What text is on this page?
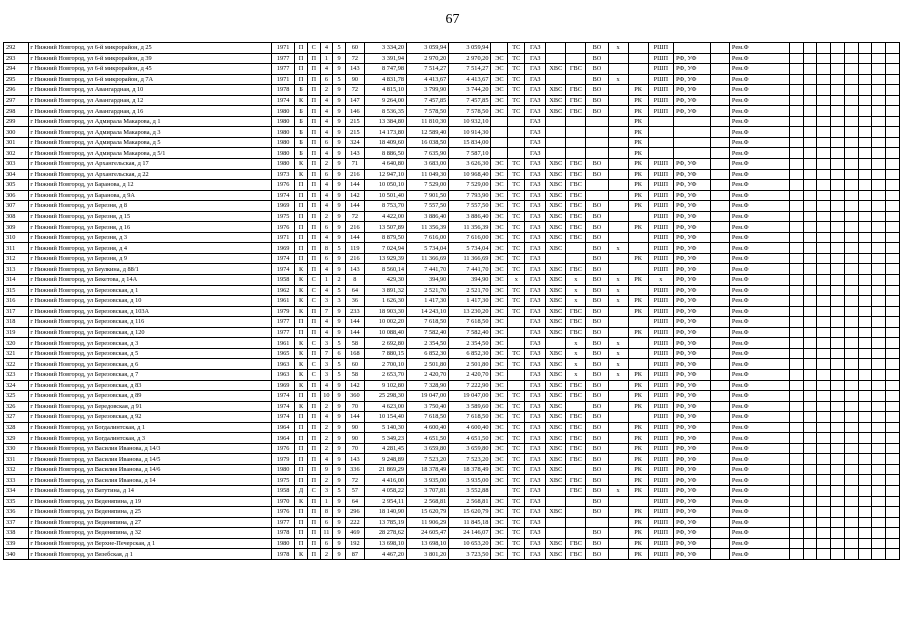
67
292	г Нижний Новгород, ул 6-й микрорайон, д 25	1971	П	С	4	5	60	3 334,20	3 059,94	3 059,94		ТС	ГАЗ			ВО	х		РШП			Рем.Ф								
293	г Нижний Новгород, ул 6-й микрорайон, д 39	1977	П	П	1	9	72	3 391,94	2 970,20	2 970,20	ЭС	ТС	ГАЗ			ВО			РШП	РФ, УФ		Рем.Ф								
294	г Нижний Новгород, ул 6-й микрорайон, д 45	1977	П	П	4	9	143	8 747,98	7 514,27	7 514,27	ЭС	ТС	ГАЗ	ХВС	ГВС	ВО			РШП	РФ, УФ		Рем.Ф								
295	г Нижний Новгород, ул 6-й микрорайон, д 7А	1971	П	П	6	5	90	4 831,78	4 413,67	4 413,67	ЭС	ТС	ГАЗ			ВО	х		РШП	РФ, УФ		Рем.Ф								
296	г Нижний Новгород, ул Авангардная, д 10	1978	Б	П	2	9	72	4 815,10	3 799,90	3 744,20	ЭС	ТС	ГАЗ	ХВС	ГВС	ВО		РК	РШП	РФ, УФ		Рем.Ф								
297	г Нижний Новгород, ул Авангардная, д 12	1974	К	П	4	9	147	9 264,00	7 457,85	7 457,85	ЭС	ТС	ГАЗ	ХВС	ГВС	ВО		РК	РШП	РФ, УФ		Рем.Ф								
298	г Нижний Новгород, ул Авангардная, д 16	1980	Б	П	4	9	146	8 536,35	7 578,50	7 578,50	ЭС	ТС	ГАЗ	ХВС	ГВС	ВО		РК	РШП	РФ, УФ		Рем.Ф								
299	г Нижний Новгород, ул Адмирала Макарова, д 1	1980	Б	П	4	9	215	13 384,80	11 810,30	10 932,10			ГАЗ					РК				Рем.Ф								
300	г Нижний Новгород, ул Адмирала Макарова, д 3	1980	Б	П	4	9	215	14 173,80	12 589,40	10 914,30			ГАЗ					РК				Рем.Ф								
301	г Нижний Новгород, ул Адмирала Макарова, д 5	1980	Б	П	6	9	324	18 409,60	16 038,50	15 834,00			ГАЗ					РК				Рем.Ф								
302	г Нижний Новгород, ул Адмирала Макарова, д 5/1	1980	Б	П	4	9	143	8 886,50	7 635,90	7 587,10			ГАЗ					РК				Рем.Ф								
303	г Нижний Новгород, ул Архангельская, д 17	1980	К	П	2	9	71	4 640,80	3 683,00	3 626,30	ЭС	ТС	ГАЗ	ХВС	ГВС	ВО		РК	РШП	РФ, УФ		Рем.Ф								
304	г Нижний Новгород, ул Архангельская, д 22	1973	К	П	6	9	216	12 947,10	11 049,30	10 968,40	ЭС	ТС	ГАЗ	ХВС	ГВС	ВО		РК	РШП	РФ, УФ		Рем.Ф								
305	г Нижний Новгород, ул Баранова, д 12	1976	П	П	4	9	144	10 050,10	7 529,00	7 529,00	ЭС	ТС	ГАЗ	ХВС	ГВС			РК	РШП	РФ, УФ		Рем.Ф								
306	г Нижний Новгород, ул Баранова, д 9А	1974	П	П	4	9	142	10 501,40	7 901,50	7 793,90	ЭС	ТС	ГАЗ	ХВС	ГВС			РК	РШП	РФ, УФ		Рем.Ф								
307	г Нижний Новгород, ул Березня, д 8	1969	П	П	4	9	144	8 753,70	7 557,50	7 557,50	ЭС	ТС	ГАЗ	ХВС	ГВС	ВО		РК	РШП	РФ, УФ		Рем.Ф								
308	г Нижний Новгород, ул Березня, д 15	1975	П	П	2	9	72	4 422,00	3 886,40	3 886,40	ЭС	ТС	ГАЗ	ХВС	ГВС	ВО			РШП	РФ, УФ		Рем.Ф								
309	г Нижний Новгород, ул Березня, д 16	1976	П	П	6	9	216	13 507,89	11 356,39	11 356,39	ЭС	ТС	ГАЗ	ХВС	ГВС	ВО		РК	РШП	РФ, УФ		Рем.Ф								
310	г Нижний Новгород, ул Березня, д 3	1971	П	П	4	9	144	8 879,50	7 616,00	7 616,00	ЭС	ТС	ГАЗ	ХВС	ГВС	ВО			РШП	РФ, УФ		Рем.Ф								
311	г Нижний Новгород, ул Березня, д 4	1969	П	П	8	5	119	7 024,94	5 734,04	5 734,04	ЭС	ТС	ГАЗ	ХВС		ВО	х		РШП	РФ, УФ		Рем.Ф								
312	г Нижний Новгород, ул Березня, д 9	1974	П	П	6	9	216	13 929,39	11 366,69	11 366,69	ЭС	ТС	ГАЗ			ВО		РК	РШП	РФ, УФ		Рем.Ф								
313	г Нижний Новгород, ул Беулкина, д 88/1	1974	К	П	4	9	143	8 560,14	7 441,70	7 441,70	ЭС	ТС	ГАЗ	ХВС	ГВС	ВО			РШП	РФ, УФ		Рем.Ф								
314	г Нижний Новгород, ул Бекетова, д 14А	1958	К	С	1	2	8	429,30	394,90	394,90	ЭС	х	ГАЗ	ХВС	х	ВО	х	РК	х	РФ, УФ		Рем.Ф								
315	г Нижний Новгород, ул Березовская, д 1	1962	К	С	4	5	64	3 891,32	2 521,70	2 521,70	ЭС	ТС	ГАЗ	ХВС	х	ВО	х		РШП	РФ, УФ		Рем.Ф								
316	г Нижний Новгород, ул Березовская, д 10	1961	К	С	3	3	36	1 626,30	1 417,30	1 417,30	ЭС	ТС	ГАЗ	ХВС	х	ВО	х	РК	РШП	РФ, УФ		Рем.Ф								
317	г Нижний Новгород, ул Березовская, д 103А	1979	К	П	7	9	233	18 903,30	14 243,10	13 230,20	ЭС	ТС	ГАЗ	ХВС	ГВС	ВО		РК	РШП	РФ, УФ		Рем.Ф								
318	г Нижний Новгород, ул Березовская, д 116	1977	П	П	4	9	144	10 002,20	7 618,50	7 618,50	ЭС		ГАЗ	ХВС	ГВС	ВО			РШП	РФ, УФ		Рем.Ф								
319	г Нижний Новгород, ул Березовская, д 120	1977	П	П	4	9	144	10 088,40	7 582,40	7 582,40	ЭС		ГАЗ	ХВС	ГВС	ВО		РК	РШП	РФ, УФ		Рем.Ф								
320	г Нижний Новгород, ул Березовская, д 3	1961	К	С	3	5	58	2 692,80	2 354,50	2 354,50	ЭС		ГАЗ		х	ВО	х		РШП	РФ, УФ		Рем.Ф								
321	г Нижний Новгород, ул Березовская, д 5	1965	К	П	7	6	168	7 880,15	6 852,30	6 852,30	ЭС	ТС	ГАЗ	ХВС	х	ВО	х		РШП	РФ, УФ		Рем.Ф								
322	г Нижний Новгород, ул Березовская, д 6	1963	К	С	3	5	60	2 700,10	2 501,80	2 501,80	ЭС	ТС	ГАЗ	ХВС	х	ВО	х		РШП	РФ, УФ		Рем.Ф								
323	г Нижний Новгород, ул Березовская, д 7	1963	К	С	3	5	58	2 653,70	2 420,70	2 420,70	ЭС		ГАЗ	ХВС	х	ВО	х	РК	РШП	РФ, УФ		Рем.Ф								
324	г Нижний Новгород, ул Березовская, д 83	1969	К	П	4	9	142	9 102,80	7 328,90	7 222,90	ЭС		ГАЗ	ХВС	ГВС	ВО		РК	РШП	РФ, УФ		Рем.Ф								
325	г Нижний Новгород, ул Березовская, д 89	1974	П	П	10	9	360	25 298,30	19 047,00	19 047,00	ЭС	ТС	ГАЗ	ХВС	ГВС	ВО		РК	РШП	РФ, УФ		Рем.Ф								
326	г Нижний Новгород, ул Бередовская, д 91	1974	К	П	2	9	70	4 623,00	3 750,40	3 589,60	ЭС	ТС	ГАЗ	ХВС		ВО		РК	РШП	РФ, УФ		Рем.Ф								
327	г Нижний Новгород, ул Березовская, д 92	1974	П	П	4	9	144	10 154,40	7 618,50	7 618,50	ЭС	ТС	ГАЗ	ХВС	ГВС	ВО			РШП	РФ, УФ		Рем.Ф								
328	г Нижний Новгород, ул Богдалинтская, д 1	1964	П	П	2	9	90	5 140,30	4 600,40	4 600,40	ЭС	ТС	ГАЗ	ХВС	ГВС	ВО		РК	РШП	РФ, УФ		Рем.Ф								
329	г Нижний Новгород, ул Богдалинтская, д 3	1964	П	П	2	9	90	5 349,23	4 651,50	4 651,50	ЭС	ТС	ГАЗ	ХВС	ГВС	ВО		РК	РШП	РФ, УФ		Рем.Ф								
330	г Нижний Новгород, ул Василия Иванова, д 14/3	1976	П	П	2	9	70	4 281,45	3 659,80	3 659,80	ЭС	ТС	ГАЗ	ХВС	ГВС	ВО		РК	РШП	РФ, УФ		Рем.Ф								
331	г Нижний Новгород, ул Василия Иванова, д 14/5	1979	П	П	4	9	143	9 248,89	7 523,20	7 523,20	ЭС	ТС	ГАЗ	ХВС	ГВС	ВО		РК	РШП	РФ, УФ		Рем.Ф								
332	г Нижний Новгород, ул Василия Иванова, д 14/6	1980	П	П	9	9	336	21 869,29	18 378,49	18 378,49	ЭС	ТС	ГАЗ	ХВС		ВО		РК	РШП	РФ, УФ		Рем.Ф								
333	г Нижний Новгород, ул Василия Иванова, д 14	1975	П	П	2	9	72	4 416,00	3 935,00	3 935,00	ЭС	ТС	ГАЗ	ХВС	ГВС	ВО		РК	РШП	РФ, УФ		Рем.Ф								
334	г Нижний Новгород, ул Ватутина, д 14	1958	Д	С	3	5	57	4 058,22	3 707,81	3 552,88		ТС	ГАЗ		ГВС	ВО	х	РК	РШП	РФ, УФ		Рем.Ф								
335	г Нижний Новгород, ул Веденяпина, д 19	1970	К	П	1	9	64	2 954,11	2 568,81	2 568,81	ЭС	ТС	ГАЗ			ВО			РШП	РФ, УФ		Рем.Ф								
336	г Нижний Новгород, ул Веденяпина, д 25	1976	П	П	8	9	296	18 140,90	15 620,79	15 620,79	ЭС	ТС	ГАЗ	ХВС		ВО		РК	РШП	РФ, УФ		Рем.Ф								
337	г Нижний Новгород, ул Веденяпина, д 27	1977	П	П	6	9	222	13 785,19	11 906,29	11 845,18	ЭС	ТС	ГАЗ					РК	РШП	РФ, УФ		Рем.Ф								
338	г Нижний Новгород, ул Веденяпина, д 32	1978	П	П	11	9	469	28 278,62	24 605,47	24 146,07	ЭС	ТС	ГАЗ			ВО		РК	РШП	РФ, УФ		Рем.Ф								
339	г Нижний Новгород, ул Верхне-Печерская, д 1	1980	П	П	6	9	192	13 698,10	13 698,10	10 653,20	ЭС	ТС	ГАЗ	ХВС	ГВС	ВО		РК	РШП	РФ, УФ		Рем.Ф								
340	г Нижний Новгород, ул Вязебская, д 1	1978	К	П	2	9	87	4 467,20	3 801,20	3 723,50	ЭС	ТС	ГАЗ	ХВС	ГВС	ВО		РК	РШП	РФ, УФ		Рем.Ф								
